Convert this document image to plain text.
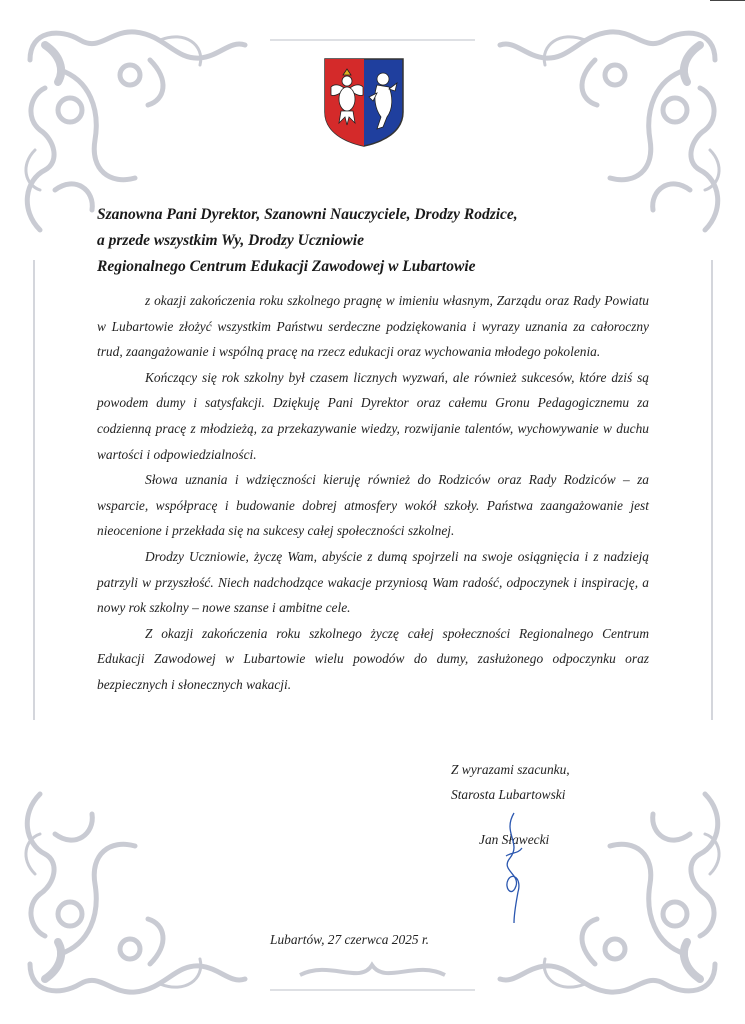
Szanowna Pani Dyrektor, Szanowni Nauczyciele, Drodzy Rodzice,
a przede wszystkim Wy, Drodzy Uczniowie
Regionalnego Centrum Edukacji Zawodowej w Lubartowie

z okazji zakończenia roku szkolnego pragnę w imieniu własnym, Zarządu oraz Rady Powiatu w Lubartowie złożyć wszystkim Państwu serdeczne podziękowania i wyrazy uznania za całoroczny trud, zaangażowanie i wspólną pracę na rzecz edukacji oraz wychowania młodego pokolenia.

Kończący się rok szkolny był czasem licznych wyzwań, ale również sukcesów, które dziś są powodem dumy i satysfakcji. Dziękuję Pani Dyrektor oraz całemu Gronu Pedagogicznemu za codzienną pracę z młodzieżą, za przekazywanie wiedzy, rozwijanie talentów, wychowywanie w duchu wartości i odpowiedzialności.

Słowa uznania i wdzięczności kieruję również do Rodziców oraz Rady Rodziców – za wsparcie, współpracę i budowanie dobrej atmosfery wokół szkoły. Państwa zaangażowanie jest nieocenione i przekłada się na sukcesy całej społeczności szkolnej.

Drodzy Uczniowie, życzę Wam, abyście z dumą spojrzeli na swoje osiągnięcia i z nadzieją patrzyli w przyszłość. Niech nadchodzące wakacje przyniosą Wam radość, odpoczynek i inspirację, a nowy rok szkolny – nowe szanse i ambitne cele.

Z okazji zakończenia roku szkolnego życzę całej społeczności Regionalnego Centrum Edukacji Zawodowej w Lubartowie wielu powodów do dumy, zasłużonego odpoczynku oraz bezpiecznych i słonecznych wakacji.

Z wyrazami szacunku,
Starosta Lubartowski
Jan Sławecki
Lubartów, 27 czerwca 2025 r.
